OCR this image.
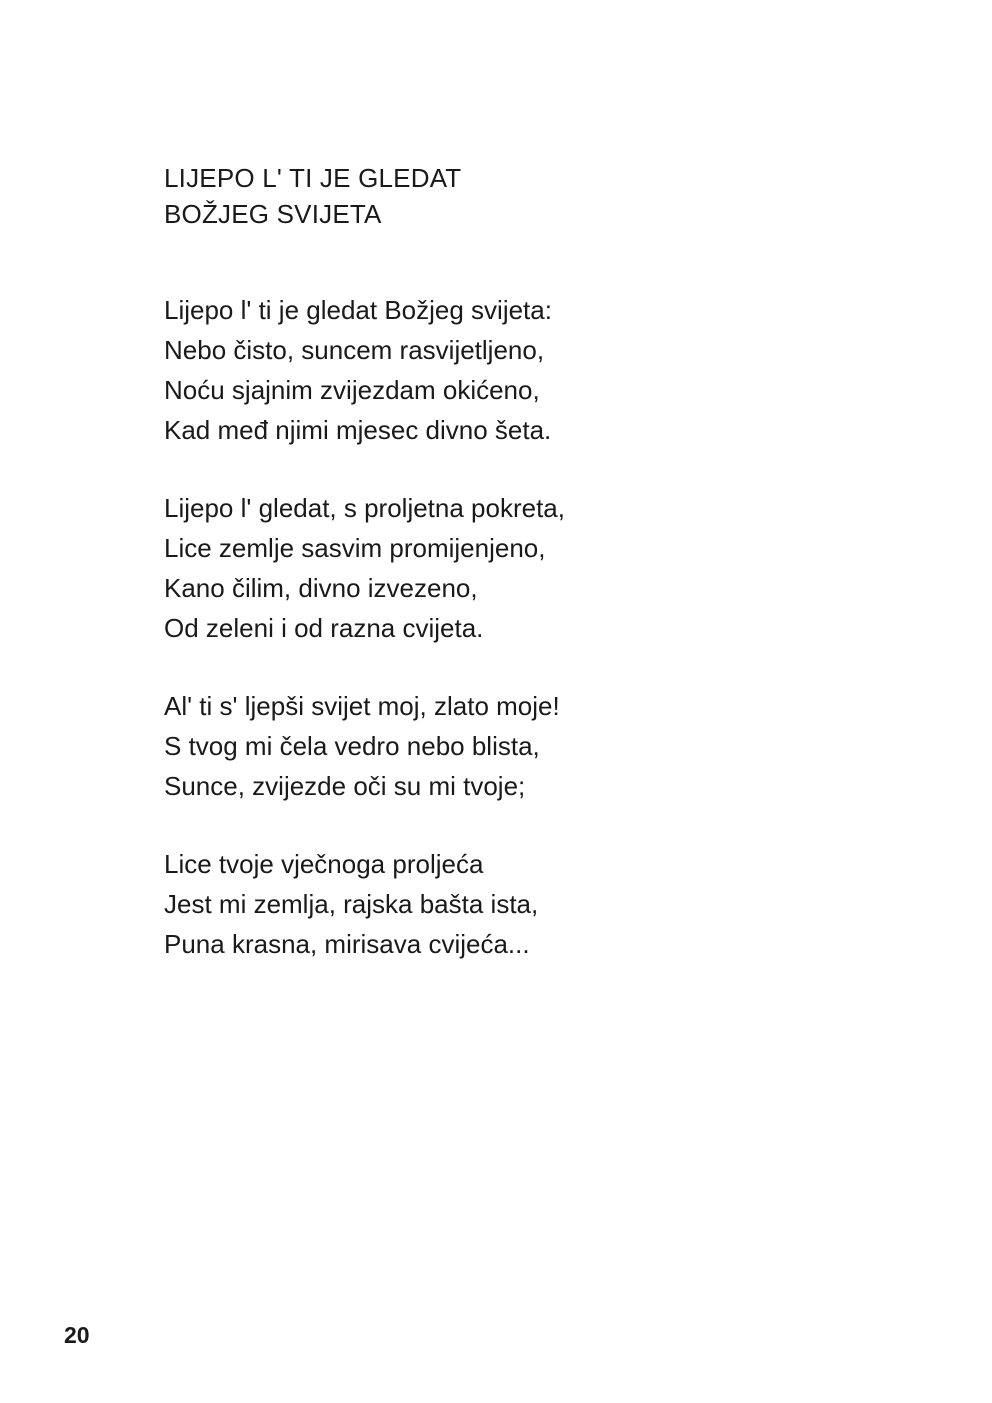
LIJEPO L' TI JE GLEDAT
BOŽJEG SVIJETA
Lijepo l' ti je gledat Božjeg svijeta:
Nebo čisto, suncem rasvijetljeno,
Noću sjajnim zvijezdam okićeno,
Kad međ njimi mjesec divno šeta.
Lijepo l' gledat, s proljetna pokreta,
Lice zemlje sasvim promijenjeno,
Kano čilim, divno izvezeno,
Od zeleni i od razna cvijeta.
Al' ti s' ljepši svijet moj, zlato moje!
S tvog mi čela vedro nebo blista,
Sunce, zvijezde oči su mi tvoje;
Lice tvoje vječnoga proljeća
Jest mi zemlja, rajska bašta ista,
Puna krasna, mirisava cvijeća...
20
